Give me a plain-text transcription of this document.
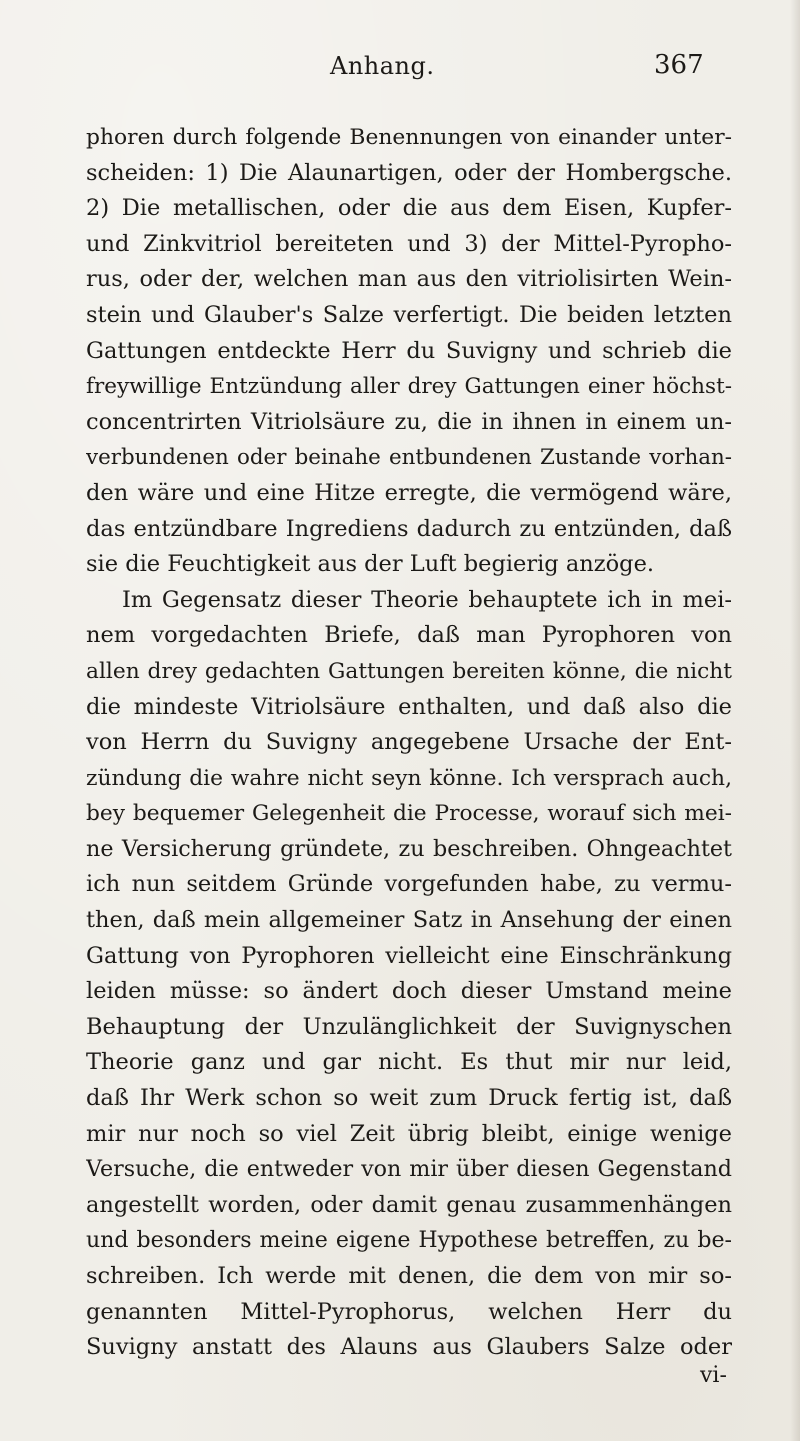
Anhang.	367
phoren durch folgende Benennungen von einander unter-
scheiden: 1) Die Alaunartigen, oder der Hombergsche.
2) Die metallischen, oder die aus dem Eisen, Kupfer-
und Zinkvitriol bereiteten und 3) der Mittel-Pyropho-
rus, oder der, welchen man aus den vitriolisirten Wein-
stein und Glauber's Salze verfertigt. Die beiden letzten
Gattungen entdeckte Herr du Suvigny und schrieb die
freywillige Entzündung aller drey Gattungen einer höchst-
concentrirten Vitriolsäure zu, die in ihnen in einem un-
verbundenen oder beinahe entbundenen Zustande vorhan-
den wäre und eine Hitze erregte, die vermögend wäre,
das entzündbare Ingrediens dadurch zu entzünden, daß
sie die Feuchtigkeit aus der Luft begierig anzöge.
Im Gegensatz dieser Theorie behauptete ich in mei-
nem vorgedachten Briefe, daß man Pyrophoren von
allen drey gedachten Gattungen bereiten könne, die nicht
die mindeste Vitriolsäure enthalten, und daß also die
von Herrn du Suvigny angegebene Ursache der Ent-
zündung die wahre nicht seyn könne. Ich versprach auch,
bey bequemer Gelegenheit die Processe, worauf sich mei-
ne Versicherung gründete, zu beschreiben. Ohngeachtet
ich nun seitdem Gründe vorgefunden habe, zu vermu-
then, daß mein allgemeiner Satz in Ansehung der einen
Gattung von Pyrophoren vielleicht eine Einschränkung
leiden müsse: so ändert doch dieser Umstand meine
Behauptung der Unzulänglichkeit der Suvignyschen
Theorie ganz und gar nicht. Es thut mir nur leid,
daß Ihr Werk schon so weit zum Druck fertig ist, daß
mir nur noch so viel Zeit übrig bleibt, einige wenige
Versuche, die entweder von mir über diesen Gegenstand
angestellt worden, oder damit genau zusammenhängen
und besonders meine eigene Hypothese betreffen, zu be-
schreiben. Ich werde mit denen, die dem von mir so-
genannten Mittel-Pyrophorus, welchen Herr du
Suvigny anstatt des Alauns aus Glaubers Salze oder
vi-
